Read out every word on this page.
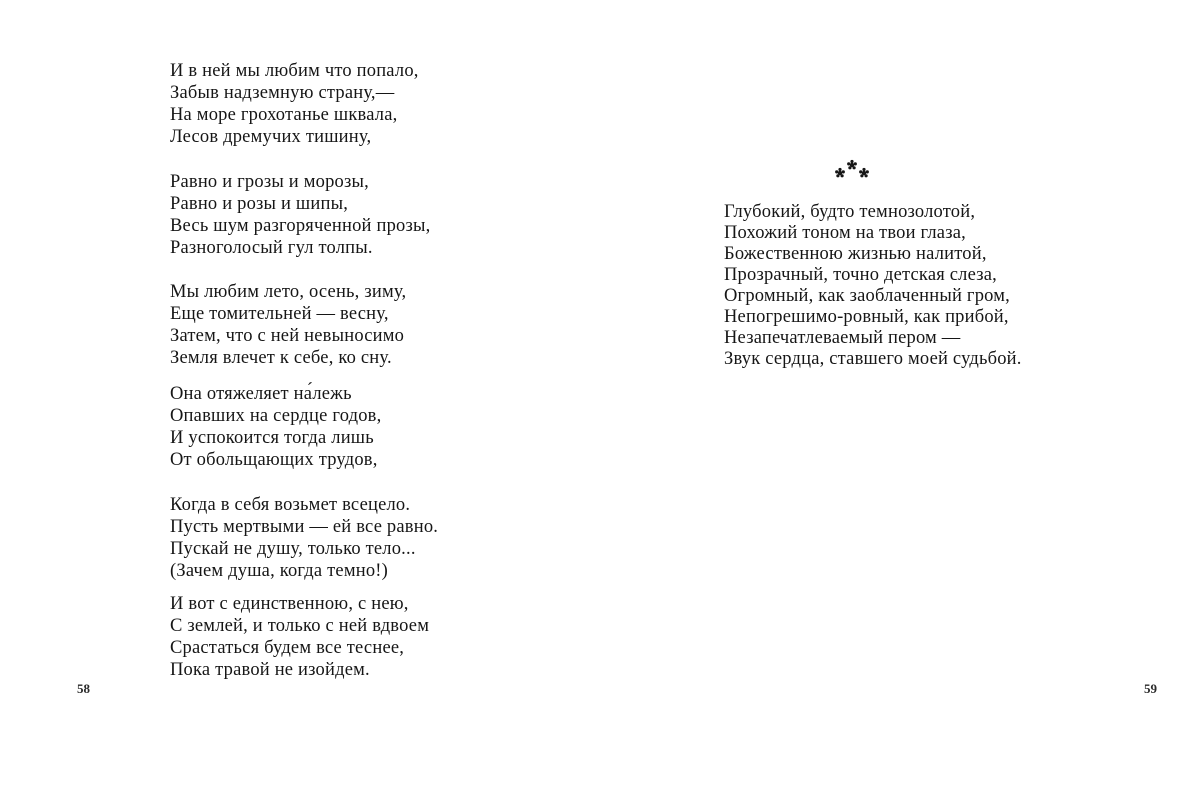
И в ней мы любим что попало,
Забыв надземную страну,—
На море грохотанье шквала,
Лесов дремучих тишину,
Равно и грозы и морозы,
Равно и розы и шипы,
Весь шум разгоряченной прозы,
Разноголосый гул толпы.
Мы любим лето, осень, зиму,
Еще томительней — весну,
Затем, что с ней невыносимо
Земля влечет к себе, ко сну.
Она отяжеляет на́лежь
Опавших на сердце годов,
И успокоится тогда лишь
От обольщающих трудов,
Когда в себя возьмет всецело.
Пусть мертвыми — ей все равно.
Пускай не душу, только тело...
(Зачем душа, когда темно!)
И вот с единственною, с нею,
С землей, и только с ней вдвоем
Срастаться будем все теснее,
Пока травой не изойдем.
58
Глубокий, будто темнозолотой,
Похожий тоном на твои глаза,
Божественною жизнью налитой,
Прозрачный, точно детская слеза,
Огромный, как заоблаченный гром,
Непогрешимо-ровный, как прибой,
Незапечатлеваемый пером —
Звук сердца, ставшего моей судьбой.
59
